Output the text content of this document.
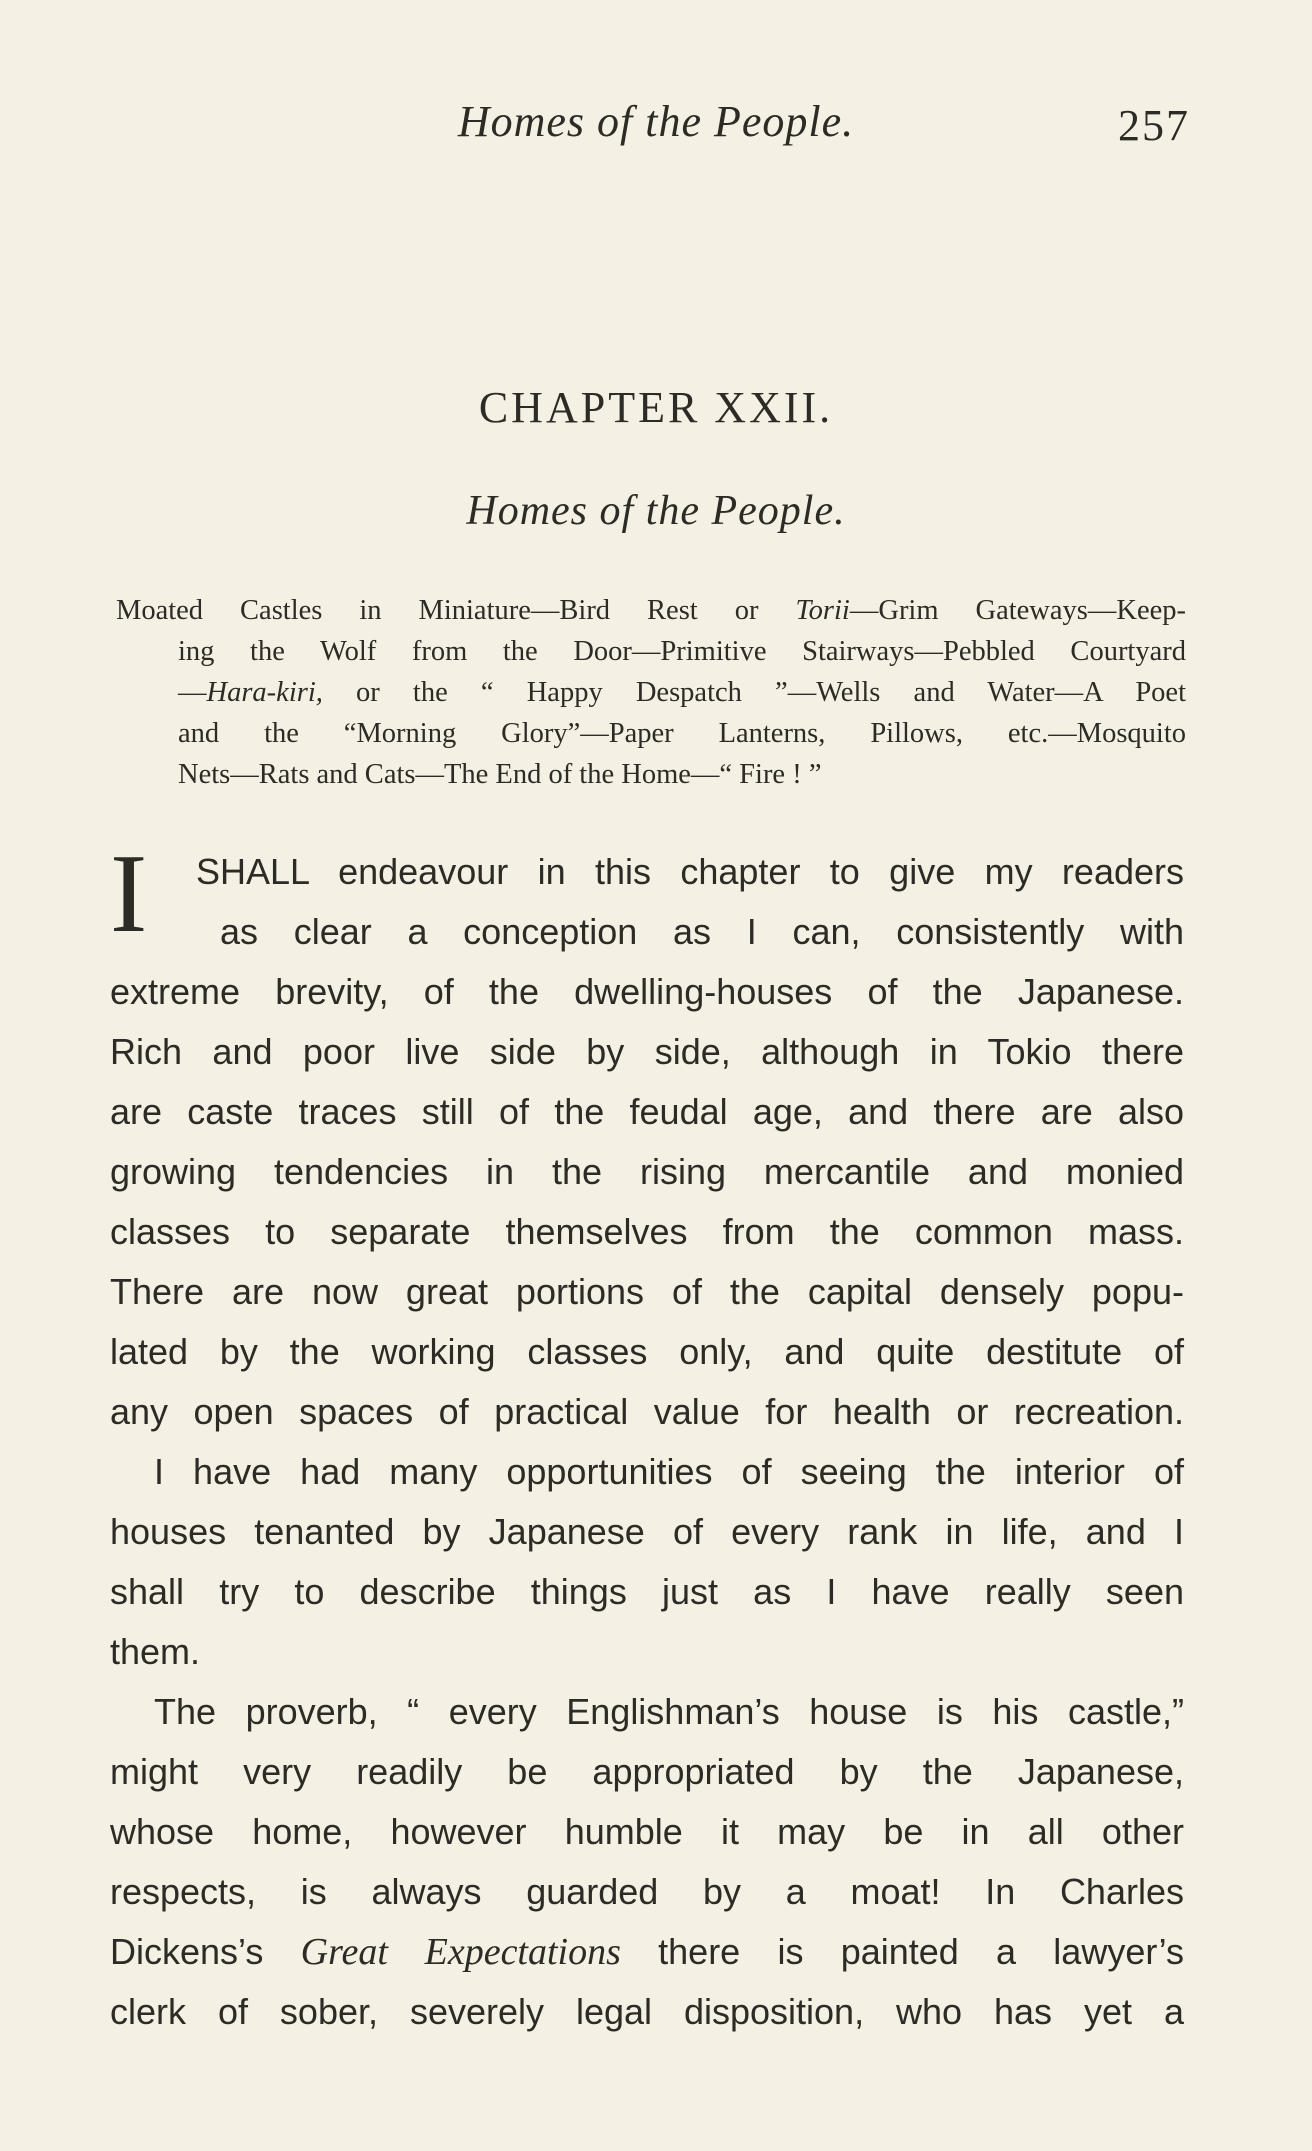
Homes of the People.	257
CHAPTER XXII.
Homes of the People.
Moated Castles in Miniature—Bird Rest or Torii—Grim Gateways—Keep-
ing the Wolf from the Door—Primitive Stairways—Pebbled Courtyard
—Hara-kiri, or the “ Happy Despatch ”—Wells and Water—A Poet
and the “Morning Glory”—Paper Lanterns, Pillows, etc.—Mosquito
Nets—Rats and Cats—The End of the Home—“ Fire ! ”
I	SHALL endeavour in this chapter to give my readers
as clear a conception as I can, consistently with
extreme brevity, of the dwelling-houses of the Japanese.
Rich and poor live side by side, although in Tokio there
are caste traces still of the feudal age, and there are also
growing tendencies in the rising mercantile and monied
classes to separate themselves from the common mass.
There are now great portions of the capital densely popu-
lated by the working classes only, and quite destitute of
any open spaces of practical value for health or recreation.
I have had many opportunities of seeing the interior of
houses tenanted by Japanese of every rank in life, and I
shall try to describe things just as I have really seen
them.
The proverb, “ every Englishman’s house is his castle,”
might very readily be appropriated by the Japanese,
whose home, however humble it may be in all other
respects, is always guarded by a moat! In Charles
Dickens’s Great Expectations there is painted a lawyer’s
clerk of sober, severely legal disposition, who has yet a
